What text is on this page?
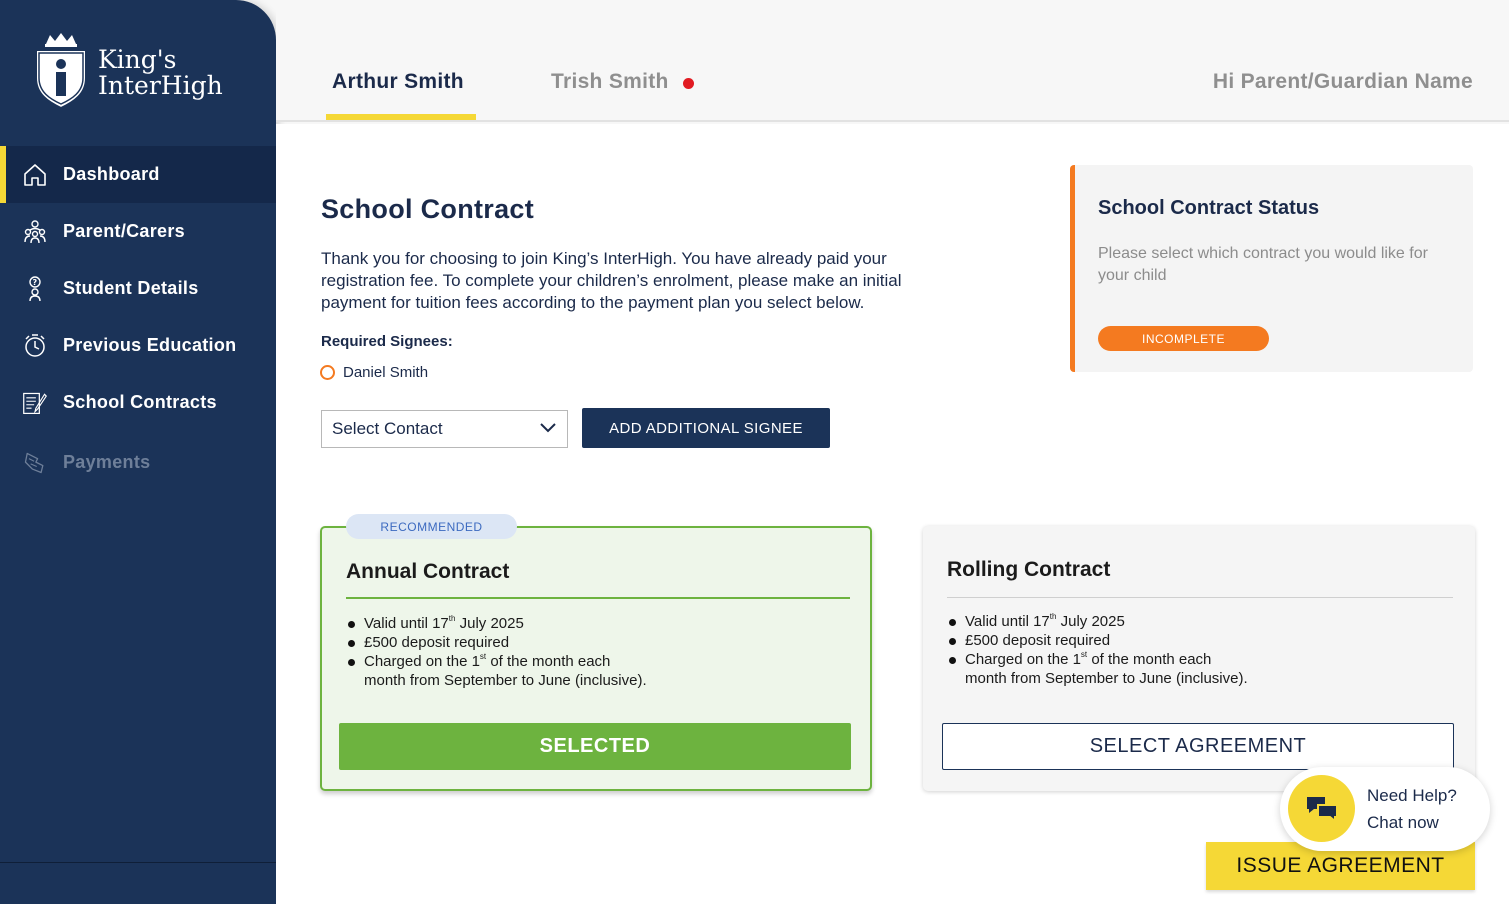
King's
InterHigh
Dashboard
Parent/Carers
? Student Details
Previous Education
School Contracts
Payments
Arthur Smith	Trish Smith	Hi Parent/Guardian Name
School Contract

Thank you for choosing to join King’s InterHigh. You have already paid your registration fee. To complete your children’s enrolment, please make an initial payment for tuition fees according to the payment plan you select below.

Required Signees:
Daniel Smith
Select Contact	ADD ADDITIONAL SIGNEE
School Contract Status
Please select which contract you would like for your child
INCOMPLETE
RECOMMENDED
Annual Contract
Valid until 17th July 2025
£500 deposit required
Charged on the 1st of the month each
month from September to June (inclusive).
SELECTED
Rolling Contract
Valid until 17th July 2025
£500 deposit required
Charged on the 1st of the month each
month from September to June (inclusive).
SELECT AGREEMENT
ISSUE AGREEMENT
Need Help?
Chat now
